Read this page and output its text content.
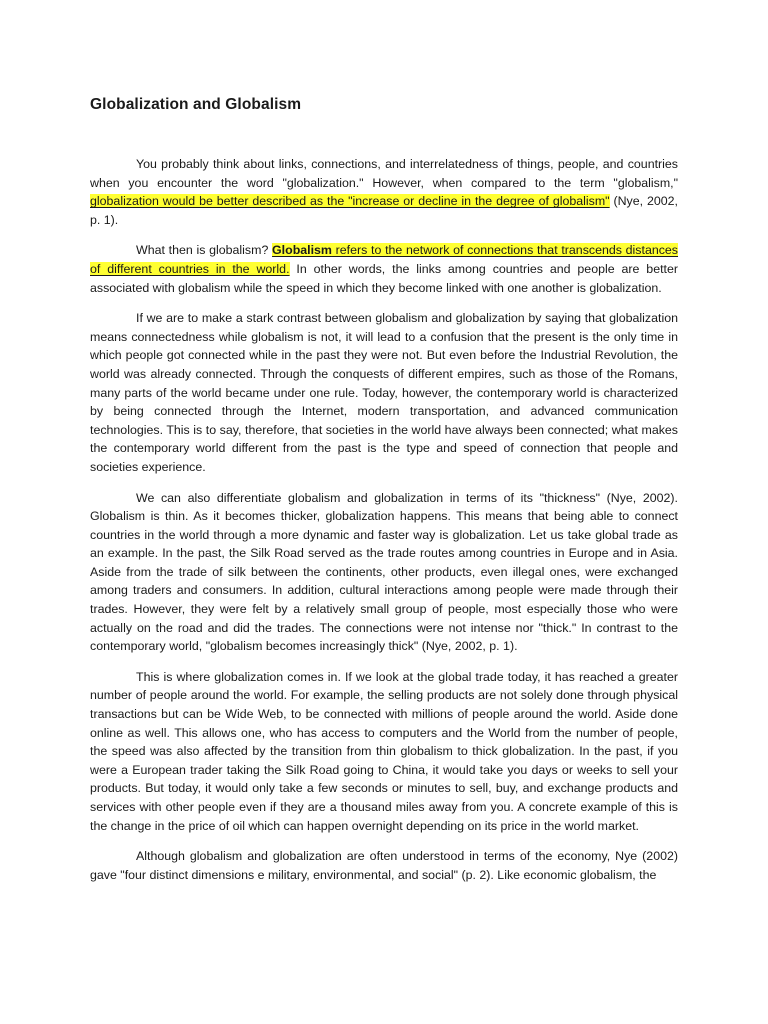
Globalization and Globalism

You probably think about links, connections, and interrelatedness of things, people, and countries when you encounter the word "globalization." However, when compared to the term "globalism," globalization would be better described as the "increase or decline in the degree of globalism" (Nye, 2002, p. 1).

What then is globalism? Globalism refers to the network of connections that transcends distances of different countries in the world. In other words, the links among countries and people are better associated with globalism while the speed in which they become linked with one another is globalization.

If we are to make a stark contrast between globalism and globalization by saying that globalization means connectedness while globalism is not, it will lead to a confusion that the present is the only time in which people got connected while in the past they were not. But even before the Industrial Revolution, the world was already connected. Through the conquests of different empires, such as those of the Romans, many parts of the world became under one rule. Today, however, the contemporary world is characterized by being connected through the Internet, modern transportation, and advanced communication technologies. This is to say, therefore, that societies in the world have always been connected; what makes the contemporary world different from the past is the type and speed of connection that people and societies experience.

We can also differentiate globalism and globalization in terms of its "thickness" (Nye, 2002). Globalism is thin. As it becomes thicker, globalization happens. This means that being able to connect countries in the world through a more dynamic and faster way is globalization. Let us take global trade as an example. In the past, the Silk Road served as the trade routes among countries in Europe and in Asia. Aside from the trade of silk between the continents, other products, even illegal ones, were exchanged among traders and consumers. In addition, cultural interactions among people were made through their trades. However, they were felt by a relatively small group of people, most especially those who were actually on the road and did the trades. The connections were not intense nor "thick." In contrast to the contemporary world, "globalism becomes increasingly thick" (Nye, 2002, p. 1).

This is where globalization comes in. If we look at the global trade today, it has reached a greater number of people around the world. For example, the selling products are not solely done through physical transactions but can be Wide Web, to be connected with millions of people around the world. Aside done online as well. This allows one, who has access to computers and the World from the number of people, the speed was also affected by the transition from thin globalism to thick globalization. In the past, if you were a European trader taking the Silk Road going to China, it would take you days or weeks to sell your products. But today, it would only take a few seconds or minutes to sell, buy, and exchange products and services with other people even if they are a thousand miles away from you. A concrete example of this is the change in the price of oil which can happen overnight depending on its price in the world market.

Although globalism and globalization are often understood in terms of the economy, Nye (2002) gave "four distinct dimensions e military, environmental, and social" (p. 2). Like economic globalism, the
